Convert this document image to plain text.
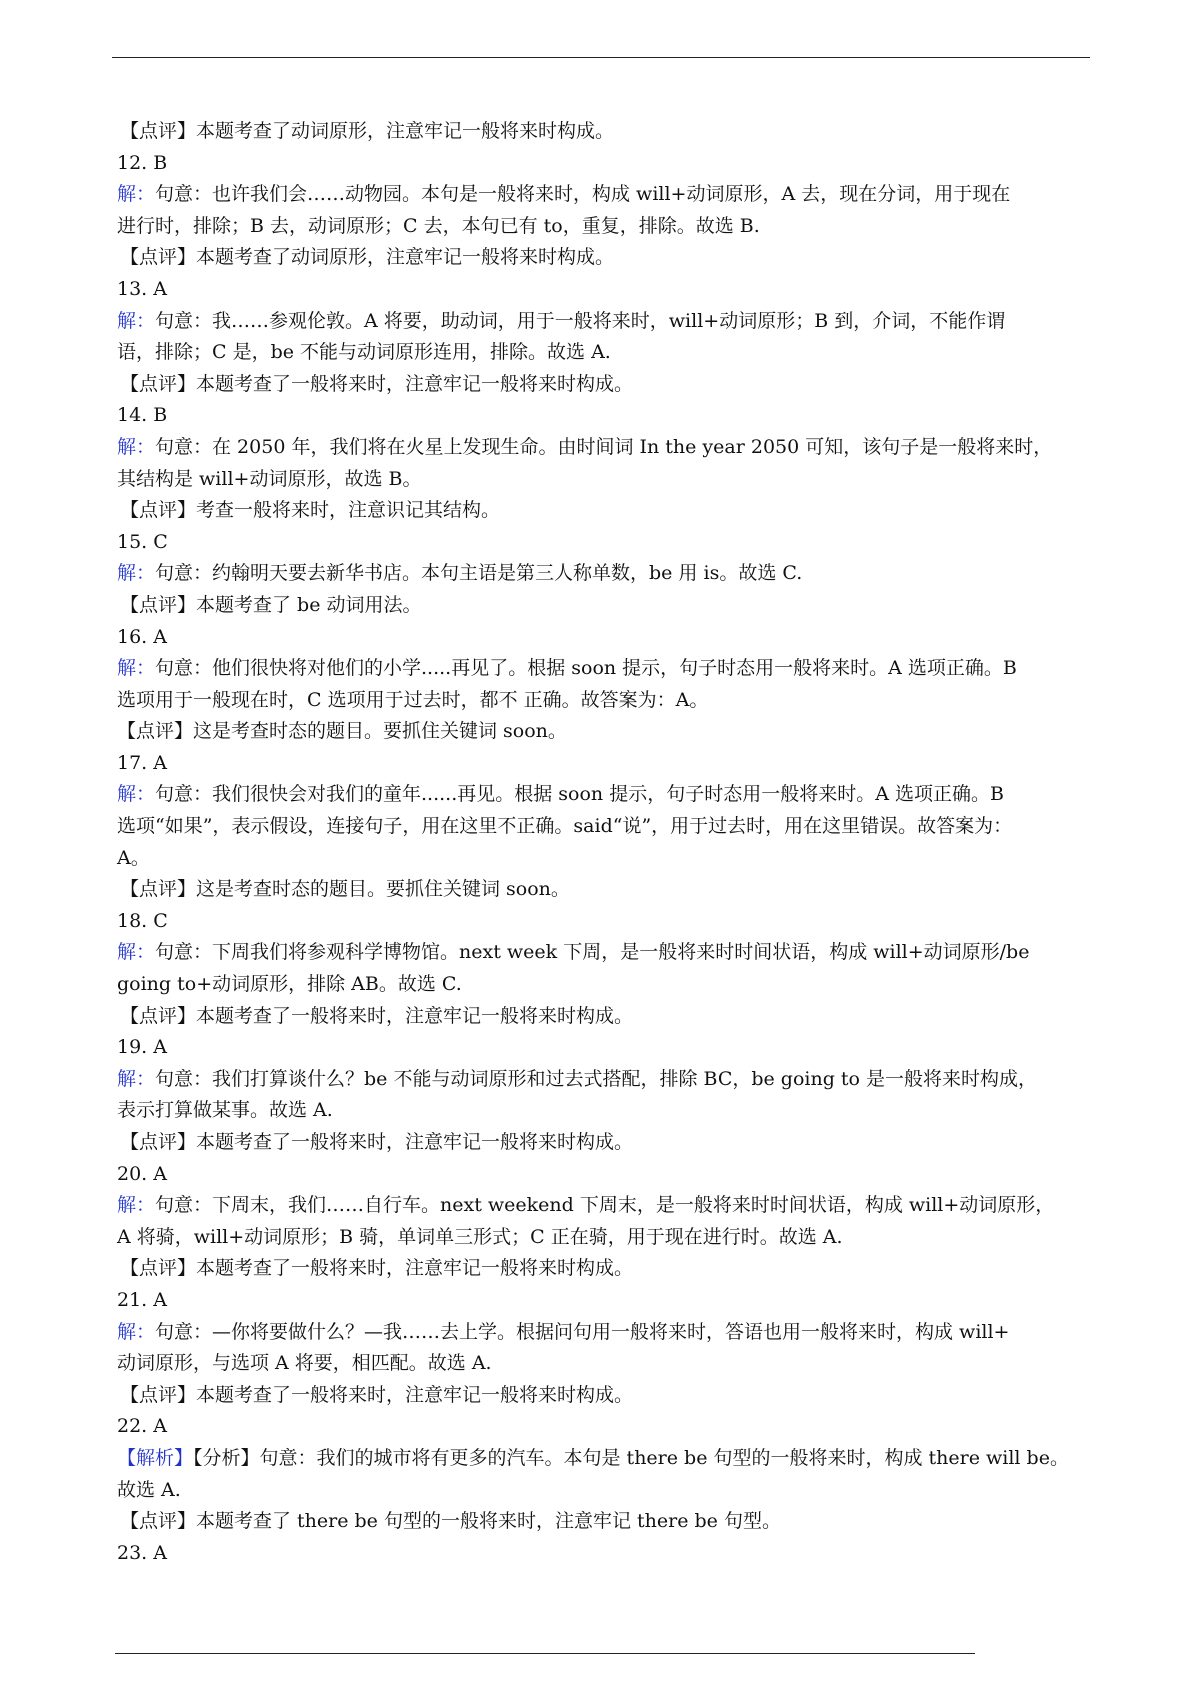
【点评】本题考查了动词原形，注意牢记一般将来时构成。
12. B
解：句意：也许我们会……动物园。本句是一般将来时，构成 will+动词原形，A 去，现在分词，用于现在
进行时，排除；B 去，动词原形；C 去，本句已有 to，重复，排除。故选 B.
【点评】本题考查了动词原形，注意牢记一般将来时构成。
13. A
解：句意：我……参观伦敦。A 将要，助动词，用于一般将来时，will+动词原形；B 到，介词，不能作谓
语，排除；C 是，be 不能与动词原形连用，排除。故选 A.
【点评】本题考查了一般将来时，注意牢记一般将来时构成。
14. B
解：句意：在 2050 年，我们将在火星上发现生命。由时间词 In the year 2050 可知，该句子是一般将来时，
其结构是 will+动词原形，故选 B。
【点评】考查一般将来时，注意识记其结构。
15. C
解：句意：约翰明天要去新华书店。本句主语是第三人称单数，be 用 is。故选 C.
【点评】本题考查了 be 动词用法。
16. A
解：句意：他们很快将对他们的小学.....再见了。根据 soon 提示，句子时态用一般将来时。A 选项正确。B
选项用于一般现在时，C 选项用于过去时，都不 正确。故答案为：A。
【点评】这是考查时态的题目。要抓住关键词 soon。
17. A
解：句意：我们很快会对我们的童年......再见。根据 soon 提示，句子时态用一般将来时。A 选项正确。B
选项“如果”，表示假设，连接句子，用在这里不正确。said“说”，用于过去时，用在这里错误。故答案为：
A。
【点评】这是考查时态的题目。要抓住关键词 soon。
18. C
解：句意：下周我们将参观科学博物馆。next week 下周，是一般将来时时间状语，构成 will+动词原形/be
going to+动词原形，排除 AB。故选 C.
【点评】本题考查了一般将来时，注意牢记一般将来时构成。
19. A
解：句意：我们打算谈什么？be 不能与动词原形和过去式搭配，排除 BC，be going to 是一般将来时构成，
表示打算做某事。故选 A.
【点评】本题考查了一般将来时，注意牢记一般将来时构成。
20. A
解：句意：下周末，我们……自行车。next weekend 下周末，是一般将来时时间状语，构成 will+动词原形，
A 将骑，will+动词原形；B 骑，单词单三形式；C 正在骑，用于现在进行时。故选 A.
【点评】本题考查了一般将来时，注意牢记一般将来时构成。
21. A
解：句意：—你将要做什么？—我……去上学。根据问句用一般将来时，答语也用一般将来时，构成 will+
动词原形，与选项 A 将要，相匹配。故选 A.
【点评】本题考查了一般将来时，注意牢记一般将来时构成。
22. A
【解析】【分析】句意：我们的城市将有更多的汽车。本句是 there be 句型的一般将来时，构成 there will be。
故选 A.
【点评】本题考查了 there be 句型的一般将来时，注意牢记 there be 句型。
23. A
